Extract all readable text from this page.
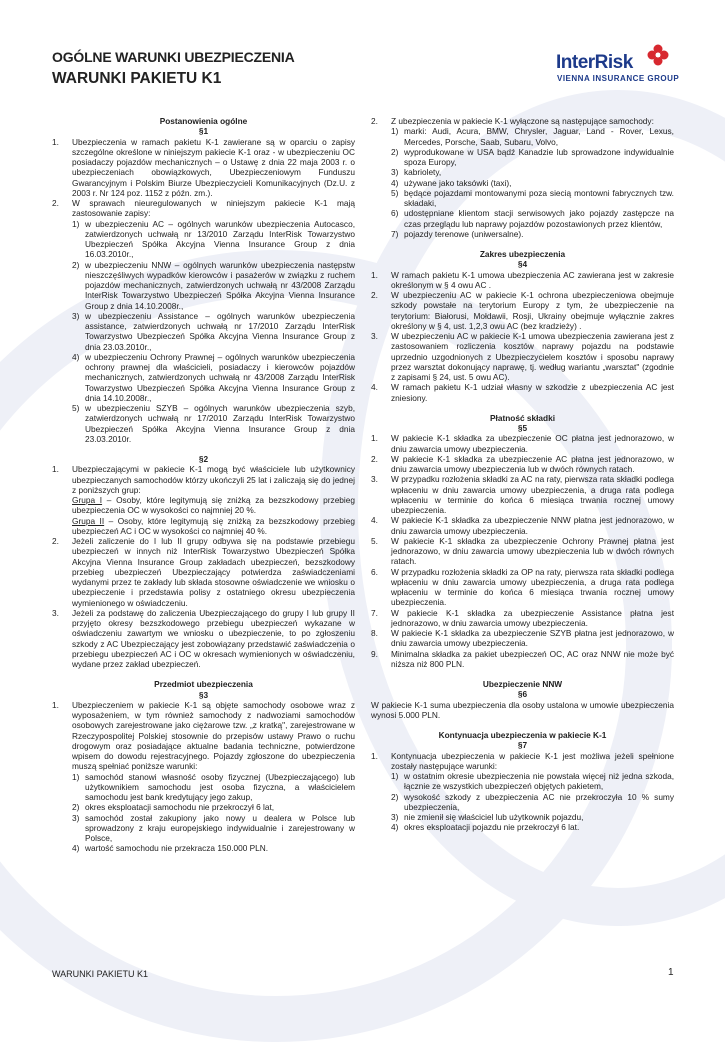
OGÓLNE WARUNKI UBEZPIECZENIA
WARUNKI PAKIETU K1
InterRisk
VIENNA INSURANCE GROUP
Postanowienia ogólne
§1
1.	Ubezpieczenia w ramach pakietu K-1 zawierane są w oparciu o zapisy szczególne określone w niniejszym pakiecie K-1 oraz - w ubezpieczeniu OC posiadaczy pojazdów mechanicznych – o Ustawę z dnia 22 maja 2003 r. o ubezpieczeniach obowiązkowych, Ubezpieczeniowym Funduszu Gwarancyjnym i Polskim Biurze Ubezpieczycieli Komunikacyjnych (Dz.U. z 2003 r. Nr 124 poz. 1152 z późn. zm.).
2.	W sprawach nieuregulowanych w niniejszym pakiecie K-1 mają zastosowanie zapisy:
1) w ubezpieczeniu AC – ogólnych warunków ubezpieczenia Autocasco, zatwierdzonych uchwałą nr 13/2010 Zarządu InterRisk Towarzystwo Ubezpieczeń Spółka Akcyjna Vienna Insurance Group z dnia 16.03.2010r.,
2) w ubezpieczeniu NNW – ogólnych warunków ubezpieczenia następstw nieszczęśliwych wypadków kierowców i pasażerów w związku z ruchem pojazdów mechanicznych, zatwierdzonych uchwałą nr 43/2008 Zarządu InterRisk Towarzystwo Ubezpieczeń Spółka Akcyjna Vienna Insurance Group z dnia 14.10.2008r.,
3) w ubezpieczeniu Assistance – ogólnych warunków ubezpieczenia assistance, zatwierdzonych uchwałą nr 17/2010 Zarządu InterRisk Towarzystwo Ubezpieczeń Spółka Akcyjna Vienna Insurance Group z dnia 23.03.2010r.,
4) w ubezpieczeniu Ochrony Prawnej – ogólnych warunków ubezpieczenia ochrony prawnej dla właścicieli, posiadaczy i kierowców pojazdów mechanicznych, zatwierdzonych uchwałą nr 43/2008 Zarządu InterRisk Towarzystwo Ubezpieczeń Spółka Akcyjna Vienna Insurance Group z dnia 14.10.2008r.,
5) w ubezpieczeniu SZYB – ogólnych warunków ubezpieczenia szyb, zatwierdzonych uchwałą nr 17/2010 Zarządu InterRisk Towarzystwo Ubezpieczeń Spółka Akcyjna Vienna Insurance Group z dnia 23.03.2010r.
§2
1.	Ubezpieczającymi w pakiecie K-1 mogą być właściciele lub użytkownicy ubezpieczanych samochodów którzy ukończyli 25 lat i zaliczają się do jednej z poniższych grup:
Grupa I – Osoby, które legitymują się zniżką za bezszkodowy przebieg ubezpieczenia OC w wysokości co najmniej 20 %.
Grupa II – Osoby, które legitymują się zniżką za bezszkodowy przebieg ubezpieczeń AC i OC w wysokości co najmniej 40 %.
2.	Jeżeli zaliczenie do I lub II grupy odbywa się na podstawie przebiegu ubezpieczeń w innych niż InterRisk Towarzystwo Ubezpieczeń Spółka Akcyjna Vienna Insurance Group zakładach ubezpieczeń, bezszkodowy przebieg ubezpieczeń Ubezpieczający potwierdza zaświadczeniami wydanymi przez te zakłady lub składa stosowne oświadczenie we wniosku o ubezpieczenie i przedstawia polisy z ostatniego okresu ubezpieczenia wymienionego w oświadczeniu.
3.	Jeżeli za podstawę do zaliczenia Ubezpieczającego do grupy I lub grupy II przyjęto okresy bezszkodowego przebiegu ubezpieczeń wykazane w oświadczeniu zawartym we wniosku o ubezpieczenie, to po zgłoszeniu szkody z AC Ubezpieczający jest zobowiązany przedstawić zaświadczenia o przebiegu ubezpieczeń AC i OC w okresach wymienionych w oświadczeniu, wydane przez zakład ubezpieczeń.
Przedmiot ubezpieczenia
§3
1.	Ubezpieczeniem w pakiecie K-1 są objęte samochody osobowe wraz z wyposażeniem, w tym również samochody z nadwoziami samochodów osobowych zarejestrowane jako ciężarowe tzw. „z kratką", zarejestrowane w Rzeczypospolitej Polskiej stosownie do przepisów ustawy Prawo o ruchu drogowym oraz posiadające aktualne badania techniczne, potwierdzone wpisem do dowodu rejestracyjnego. Pojazdy zgłoszone do ubezpieczenia muszą spełniać poniższe warunki:
1) samochód stanowi własność osoby fizycznej (Ubezpieczającego) lub użytkownikiem samochodu jest osoba fizyczna, a właścicielem samochodu jest bank kredytujący jego zakup,
2) okres eksploatacji samochodu nie przekroczył 6 lat,
3) samochód został zakupiony jako nowy u dealera w Polsce lub sprowadzony z kraju europejskiego indywidualnie i zarejestrowany w Polsce,
4) wartość samochodu nie przekracza 150.000 PLN.
2.	Z ubezpieczenia w pakiecie K-1 wyłączone są następujące samochody:
1) marki: Audi, Acura, BMW, Chrysler, Jaguar, Land - Rover, Lexus, Mercedes, Porsche, Saab, Subaru, Volvo,
2) wyprodukowane w USA bądź Kanadzie lub sprowadzone indywidualnie spoza Europy,
3) kabriolety,
4) używane jako taksówki (taxi),
5) będące pojazdami montowanymi poza siecią montowni fabrycznych tzw. składaki,
6) udostępniane klientom stacji serwisowych jako pojazdy zastępcze na czas przeglądu lub naprawy pojazdów pozostawionych przez klientów,
7) pojazdy terenowe (uniwersalne).
Zakres ubezpieczenia
§4
1.	W ramach pakietu K-1 umowa ubezpieczenia AC zawierana jest w zakresie określonym w § 4 owu AC .
2.	W ubezpieczeniu AC w pakiecie K-1 ochrona ubezpieczeniowa obejmuje szkody powstałe na terytorium Europy z tym, że ubezpieczenie na terytorium: Białorusi, Mołdawii, Rosji, Ukrainy obejmuje wyłącznie zakres określony w § 4, ust. 1,2,3 owu AC (bez kradzieży) .
3.	W ubezpieczeniu AC w pakiecie K-1 umowa ubezpieczenia zawierana jest z zastosowaniem rozliczenia kosztów naprawy pojazdu na podstawie uprzednio uzgodnionych z Ubezpieczycielem kosztów i sposobu naprawy przez warsztat dokonujący naprawę, tj. według wariantu „warsztat" (zgodnie z zapisami § 24, ust. 5 owu AC).
4.	W ramach pakietu K-1 udział własny w szkodzie z ubezpieczenia AC jest zniesiony.
Płatność składki
§5
1.	W pakiecie K-1 składka za ubezpieczenie OC płatna jest jednorazowo, w dniu zawarcia umowy ubezpieczenia.
2.	W pakiecie K-1 składka za ubezpieczenie AC płatna jest jednorazowo, w dniu zawarcia umowy ubezpieczenia lub w dwóch równych ratach.
3.	W przypadku rozłożenia składki za AC na raty, pierwsza rata składki podlega wpłaceniu w dniu zawarcia umowy ubezpieczenia, a druga rata podlega wpłaceniu w terminie do końca 6 miesiąca trwania rocznej umowy ubezpieczenia.
4.	W pakiecie K-1 składka za ubezpieczenie NNW płatna jest jednorazowo, w dniu zawarcia umowy ubezpieczenia.
5.	W pakiecie K-1 składka za ubezpieczenie Ochrony Prawnej płatna jest jednorazowo, w dniu zawarcia umowy ubezpieczenia lub w dwóch równych ratach.
6.	W przypadku rozłożenia składki za OP na raty, pierwsza rata składki podlega wpłaceniu w dniu zawarcia umowy ubezpieczenia, a druga rata podlega wpłaceniu w terminie do końca 6 miesiąca trwania rocznej umowy ubezpieczenia.
7.	W pakiecie K-1 składka za ubezpieczenie Assistance płatna jest jednorazowo, w dniu zawarcia umowy ubezpieczenia.
8.	W pakiecie K-1 składka za ubezpieczenie SZYB płatna jest jednorazowo, w dniu zawarcia umowy ubezpieczenia.
9.	Minimalna składka za pakiet ubezpieczeń OC, AC oraz NNW nie może być niższa niż 800 PLN.
Ubezpieczenie NNW
§6
W pakiecie K-1 suma ubezpieczenia dla osoby ustalona w umowie ubezpieczenia wynosi 5.000 PLN.
Kontynuacja ubezpieczenia w pakiecie K-1
§7
1.	Kontynuacja ubezpieczenia w pakiecie K-1 jest możliwa jeżeli spełnione zostały następujące warunki:
1) w ostatnim okresie ubezpieczenia nie powstała więcej niż jedna szkoda, łącznie ze wszystkich ubezpieczeń objętych pakietem,
2) wysokość szkody z ubezpieczenia AC nie przekroczyła 10 % sumy ubezpieczenia,
3) nie zmienił się właściciel lub użytkownik pojazdu,
4) okres eksploatacji pojazdu nie przekroczył 6 lat.
WARUNKI PAKIETU K1	1
